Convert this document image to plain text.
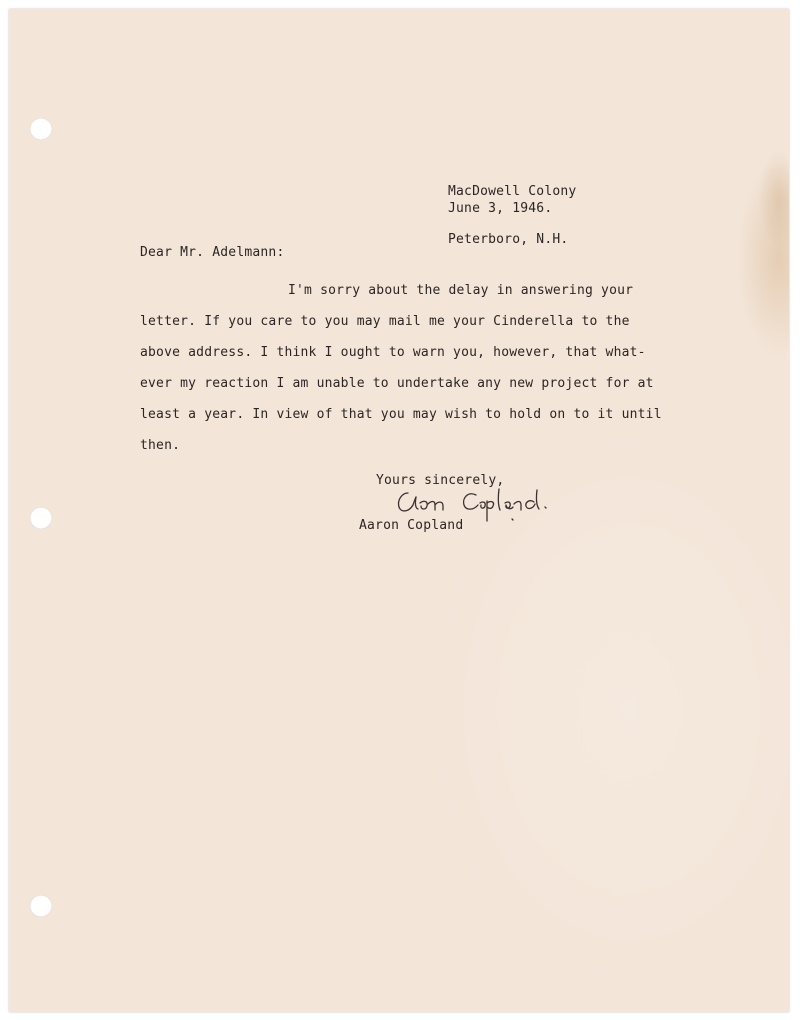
MacDowell Colony

Peterboro, N.H.

June 3, 1946.
Dear Mr. Adelmann:
I'm sorry about the delay in answering your
letter. If you care to you may mail me your Cinderella to the
above address. I think I ought to warn you, however, that what-
ever my reaction I am unable to undertake any new project for at
least a year. In view of that you may wish to hold on to it until
then.
Yours sincerely,
Aaron Copland
